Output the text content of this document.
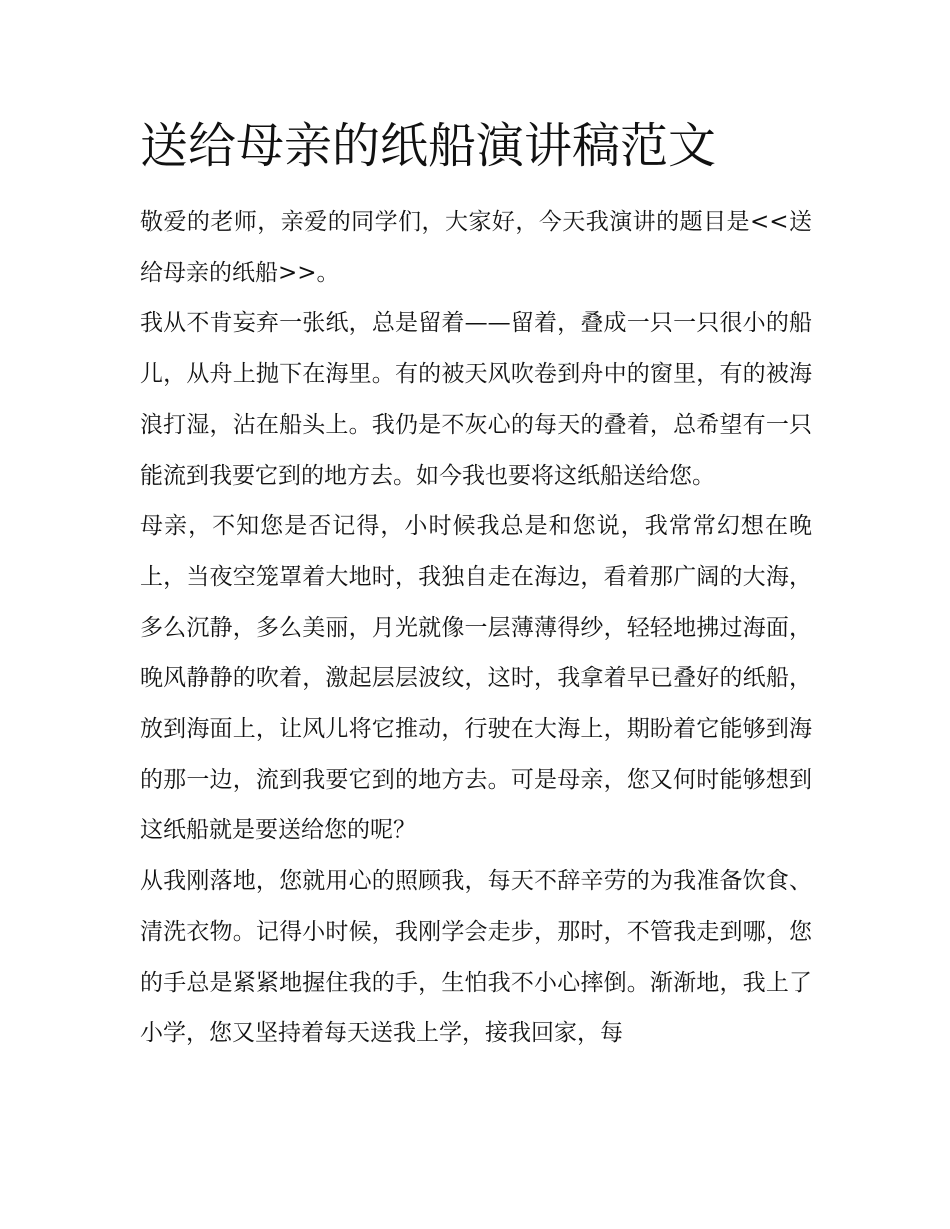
送给母亲的纸船演讲稿范文

敬爱的老师，亲爱的同学们，大家好，今天我演讲的题目是<<送给母亲的纸船>>。

我从不肯妄弃一张纸，总是留着——留着，叠成一只一只很小的船儿，从舟上抛下在海里。有的被天风吹卷到舟中的窗里，有的被海浪打湿，沾在船头上。我仍是不灰心的每天的叠着，总希望有一只能流到我要它到的地方去。如今我也要将这纸船送给您。

母亲，不知您是否记得，小时候我总是和您说，我常常幻想在晚上，当夜空笼罩着大地时，我独自走在海边，看着那广阔的大海，多么沉静，多么美丽，月光就像一层薄薄得纱，轻轻地拂过海面，晚风静静的吹着，激起层层波纹，这时，我拿着早已叠好的纸船，放到海面上，让风儿将它推动，行驶在大海上，期盼着它能够到海的那一边，流到我要它到的地方去。可是母亲，您又何时能够想到这纸船就是要送给您的呢？

从我刚落地，您就用心的照顾我，每天不辞辛劳的为我准备饮食、清洗衣物。记得小时候，我刚学会走步，那时，不管我走到哪，您的手总是紧紧地握住我的手，生怕我不小心摔倒。渐渐地，我上了小学，您又坚持着每天送我上学，接我回家，每
